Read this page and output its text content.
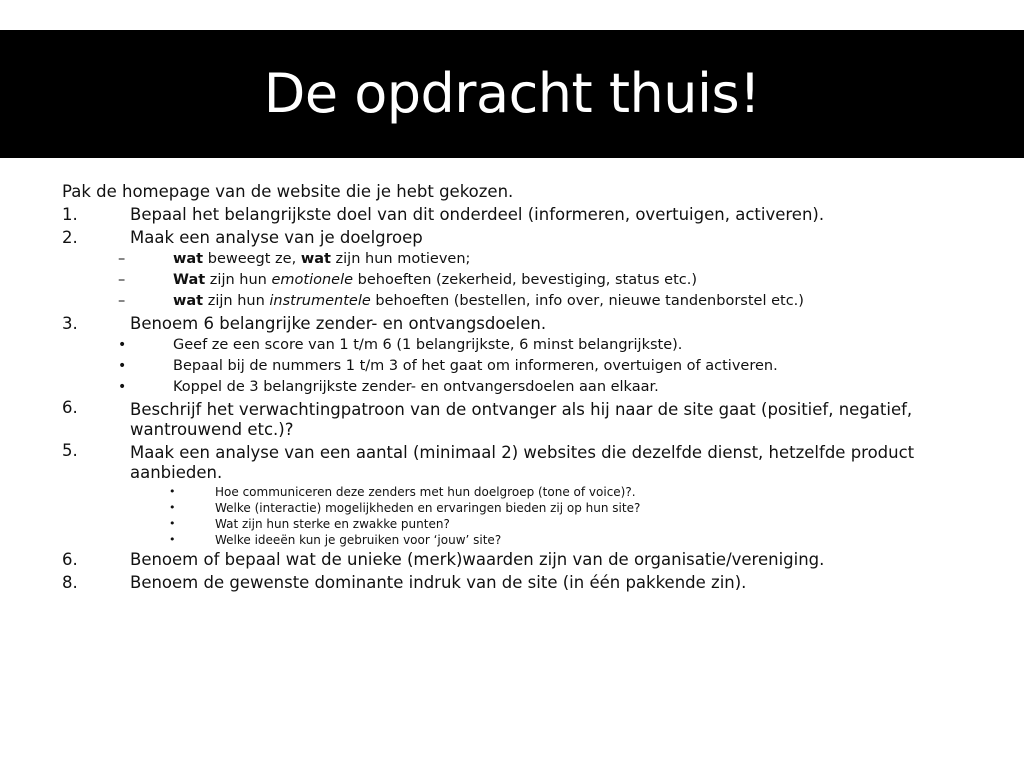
De opdracht thuis!
Pak de homepage van de website die je hebt gekozen.
1.	Bepaal het belangrijkste doel van dit onderdeel (informeren, overtuigen, activeren).
2.	Maak een analyse van je doelgroep
–	wat beweegt ze, wat zijn hun motieven;
–	Wat zijn hun emotionele behoeften (zekerheid, bevestiging, status etc.)
–	wat zijn hun instrumentele behoeften (bestellen, info over, nieuwe tandenborstel etc.)
3.	Benoem 6 belangrijke zender- en ontvangsdoelen.
•	Geef ze een score van 1 t/m 6 (1 belangrijkste, 6 minst belangrijkste).
•	Bepaal bij de nummers 1 t/m 3 of het gaat om informeren, overtuigen of activeren.
•	Koppel de 3 belangrijkste zender- en ontvangersdoelen aan elkaar.
6.	Beschrijf het verwachtingpatroon van de ontvanger als hij naar de site gaat (positief, negatief, wantrouwend etc.)?
5.	Maak een analyse van een aantal (minimaal 2) websites die dezelfde dienst, hetzelfde product aanbieden.
•	Hoe communiceren deze zenders met hun doelgroep (tone of voice)?.
•	Welke (interactie) mogelijkheden en ervaringen bieden zij op hun site?
•	Wat zijn hun sterke en zwakke punten?
•	Welke ideeën kun je gebruiken voor ‘jouw’ site?
6.	Benoem of bepaal wat de unieke (merk)waarden zijn van de organisatie/vereniging.
8.	Benoem de gewenste dominante indruk van de site (in één pakkende zin).
